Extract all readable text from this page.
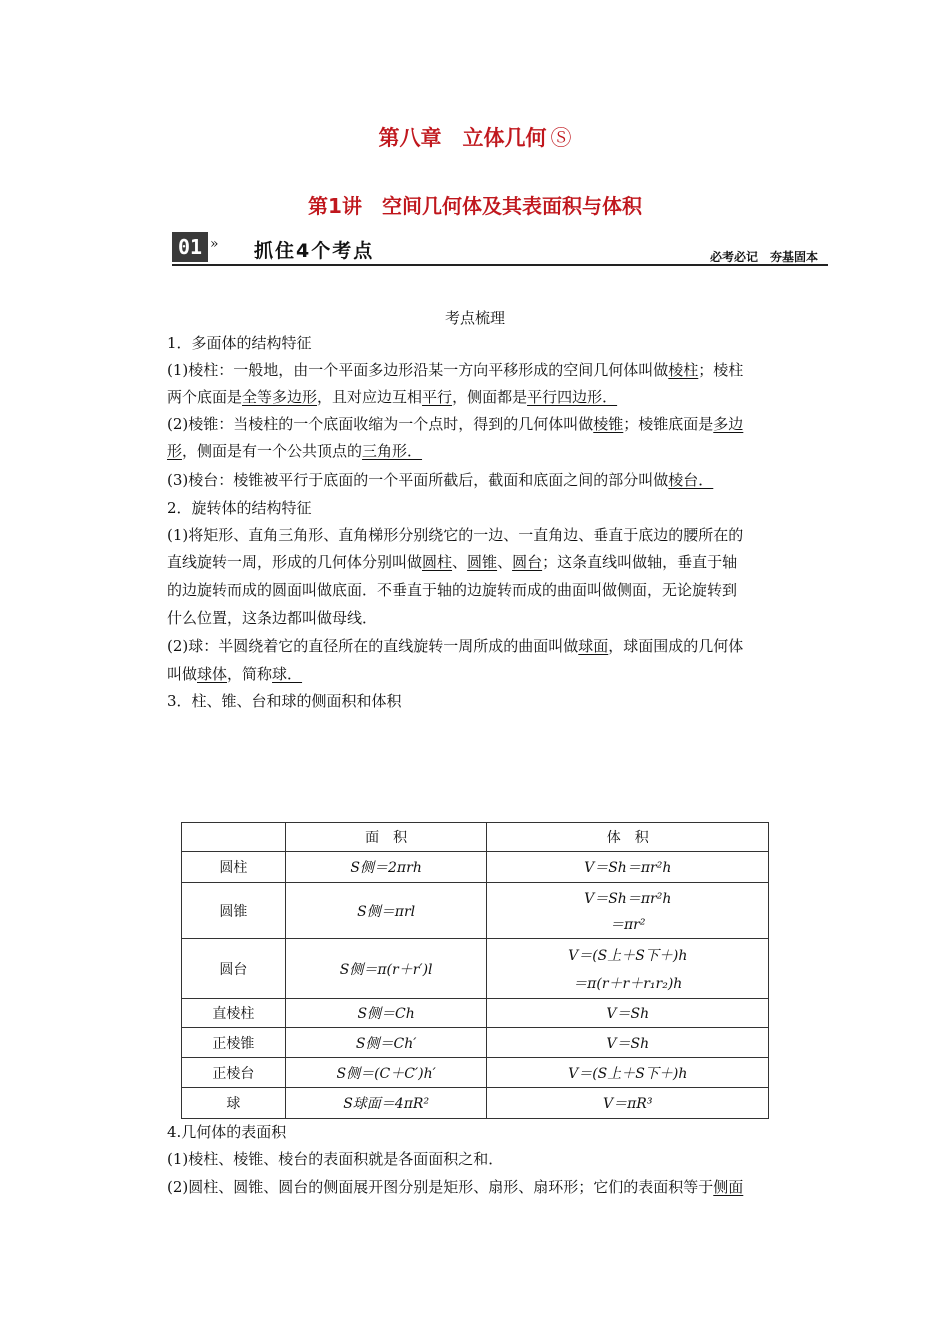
第八章　立体几何 Ⓢ
第1讲　空间几何体及其表面积与体积
01 » 抓住4个考点	必考必记　夯基固本
考点梳理
1．多面体的结构特征
(1)棱柱：一般地，由一个平面多边形沿某一方向平移形成的空间几何体叫做棱柱；棱柱
两个底面是全等多边形，且对应边互相平行，侧面都是平行四边形．
(2)棱锥：当棱柱的一个底面收缩为一个点时，得到的几何体叫做棱锥；棱锥底面是多边
形，侧面是有一个公共顶点的三角形．
(3)棱台：棱锥被平行于底面的一个平面所截后，截面和底面之间的部分叫做棱台．
2．旋转体的结构特征
(1)将矩形、直角三角形、直角梯形分别绕它的一边、一直角边、垂直于底边的腰所在的
直线旋转一周，形成的几何体分别叫做圆柱、圆锥、圆台；这条直线叫做轴，垂直于轴
的边旋转而成的圆面叫做底面．不垂直于轴的边旋转而成的曲面叫做侧面，无论旋转到
什么位置，这条边都叫做母线．
(2)球：半圆绕着它的直径所在的直线旋转一周所成的曲面叫做球面，球面围成的几何体
叫做球体，简称球．
3．柱、锥、台和球的侧面积和体积
	面　积	体　积
圆柱	S侧＝2πrh	V＝Sh＝πr²h
圆锥	S侧＝πrl	V＝Sh＝πr²h
＝πr²

圆台	S侧＝π(r＋r′)l	V＝(S上＋S下＋)h
＝π(r＋r＋r₁r₂)h

直棱柱	S侧＝Ch	V＝Sh
正棱锥	S侧＝Ch′	V＝Sh
正棱台	S侧＝(C＋C′)h′	V＝(S上＋S下＋)h
球	S球面＝4πR²	V＝πR³
4.几何体的表面积
(1)棱柱、棱锥、棱台的表面积就是各面面积之和．
(2)圆柱、圆锥、圆台的侧面展开图分别是矩形、扇形、扇环形；它们的表面积等于侧面
